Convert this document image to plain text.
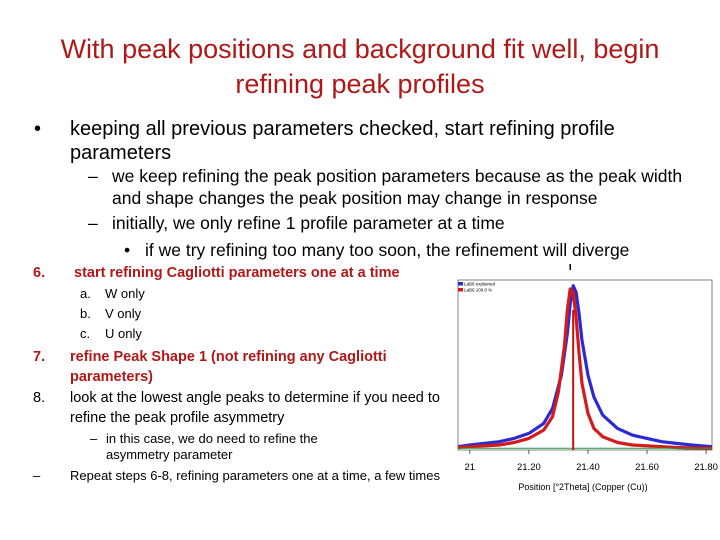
With peak positions and background fit well, begin refining peak profiles
• keeping all previous parameters checked, start refining profile parameters
– we keep refining the peak position parameters because as the peak width and shape changes the peak position may change in response
– initially, we only refine 1 profile parameter at a time
• if we try refining too many too soon, the refinement will diverge
6. start refining Cagliotti parameters one at a time
a. W only
b. V only
c. U only
7. refine Peak Shape 1 (not refining any Cagliotti parameters)
8. look at the lowest angle peaks to determine if you need to refine the peak profile asymmetry
– in this case, we do need to refine the asymmetry parameter
– Repeat steps 6-8, refining parameters one at a time, a few times
LaB6 explained
LaB6 100.0 %
21	21.20	21.40	21.60	21.80
Position [°2Theta] (Copper (Cu))
